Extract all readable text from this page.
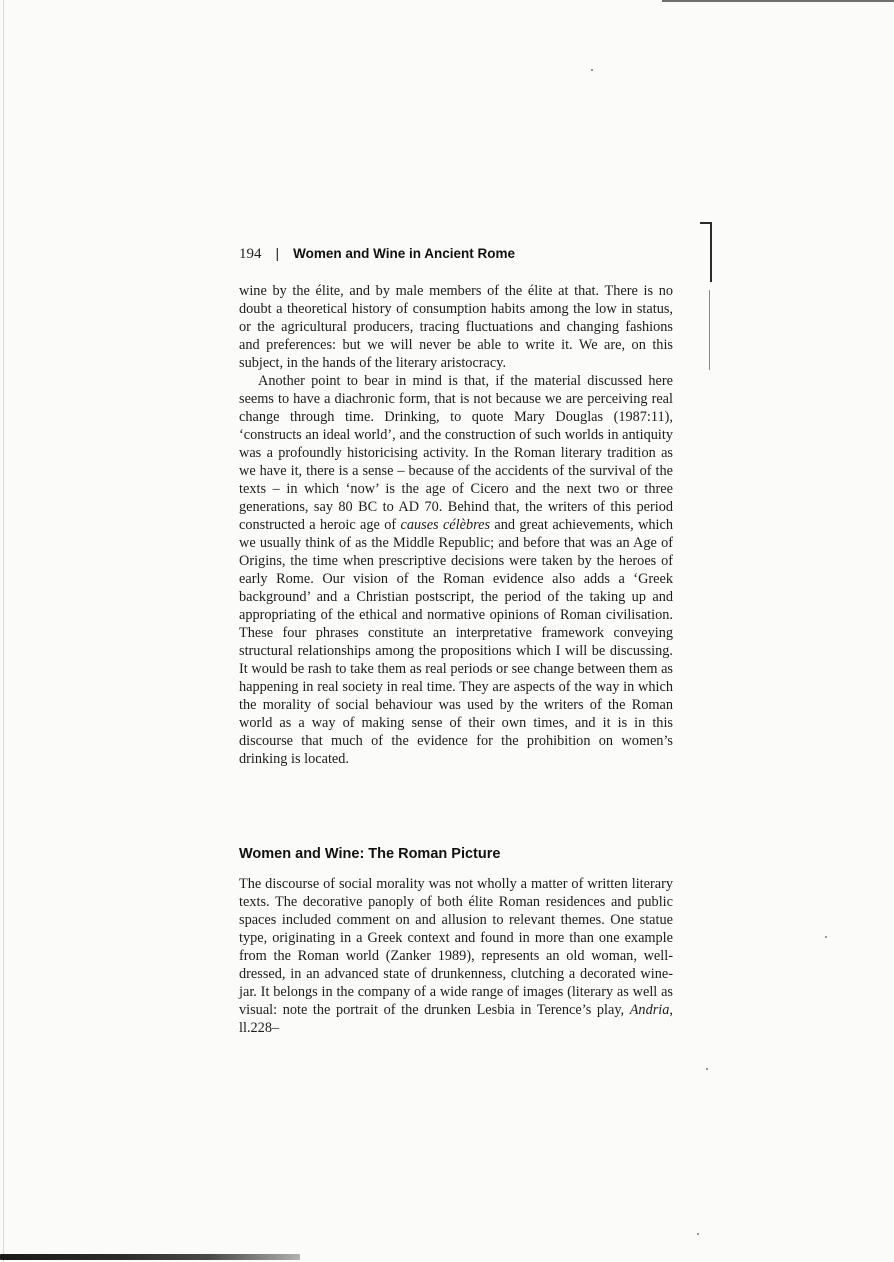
194 | Women and Wine in Ancient Rome

wine by the élite, and by male members of the élite at that. There is no doubt a theoretical history of consumption habits among the low in status, or the agricultural producers, tracing fluctuations and changing fashions and preferences: but we will never be able to write it. We are, on this subject, in the hands of the literary aristocracy.

Another point to bear in mind is that, if the material discussed here seems to have a diachronic form, that is not because we are perceiving real change through time. Drinking, to quote Mary Douglas (1987:11), ‘constructs an ideal world’, and the construction of such worlds in antiquity was a profoundly historicising activity. In the Roman literary tradition as we have it, there is a sense – because of the accidents of the survival of the texts – in which ‘now’ is the age of Cicero and the next two or three generations, say 80 BC to AD 70. Behind that, the writers of this period constructed a heroic age of causes célèbres and great achievements, which we usually think of as the Middle Republic; and before that was an Age of Origins, the time when prescriptive decisions were taken by the heroes of early Rome. Our vision of the Roman evidence also adds a ‘Greek background’ and a Christian postscript, the period of the taking up and appropriating of the ethical and normative opinions of Roman civilisation. These four phrases constitute an interpretative framework conveying structural relationships among the propositions which I will be discussing. It would be rash to take them as real periods or see change between them as happening in real society in real time. They are aspects of the way in which the morality of social behaviour was used by the writers of the Roman world as a way of making sense of their own times, and it is in this discourse that much of the evidence for the prohibition on women’s drinking is located.

Women and Wine: The Roman Picture

The discourse of social morality was not wholly a matter of written literary texts. The decorative panoply of both élite Roman residences and public spaces included comment on and allusion to relevant themes. One statue type, originating in a Greek context and found in more than one example from the Roman world (Zanker 1989), represents an old woman, well-dressed, in an advanced state of drunkenness, clutching a decorated wine-jar. It belongs in the company of a wide range of images (literary as well as visual: note the portrait of the drunken Lesbia in Terence’s play, Andria, ll.228–
